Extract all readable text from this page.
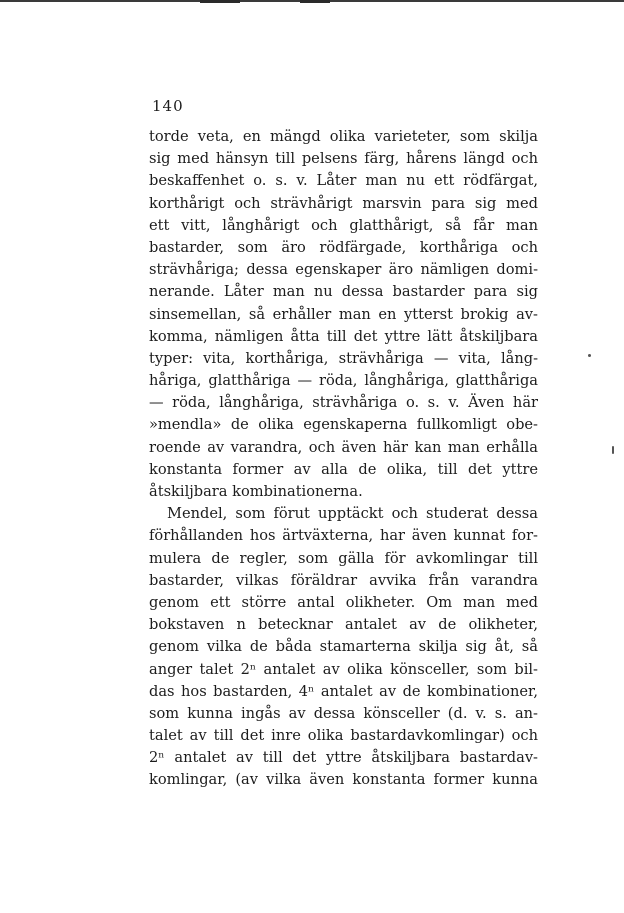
140
torde veta, en mängd olika varieteter, som skilja
sig med hänsyn till pelsens färg, hårens längd och
beskaffenhet o. s. v. Låter man nu ett rödfärgat,
korthårigt och strävhårigt marsvin para sig med
ett vitt, långhårigt och glatthårigt, så får man
bastarder, som äro rödfärgade, korthåriga och
strävhåriga; dessa egenskaper äro nämligen domi-
nerande. Låter man nu dessa bastarder para sig
sinsemellan, så erhåller man en ytterst brokig av-
komma, nämligen åtta till det yttre lätt åtskiljbara
typer: vita, korthåriga, strävhåriga — vita, lång-
håriga, glatthåriga — röda, långhåriga, glatthåriga
— röda, långhåriga, strävhåriga o. s. v. Även här
»mendla» de olika egenskaperna fullkomligt obe-
roende av varandra, och även här kan man erhålla
konstanta former av alla de olika, till det yttre
åtskiljbara kombinationerna.
Mendel, som förut upptäckt och studerat dessa
förhållanden hos ärtväxterna, har även kunnat for-
mulera de regler, som gälla för avkomlingar till
bastarder, vilkas föräldrar avvika från varandra
genom ett större antal olikheter. Om man med
bokstaven n betecknar antalet av de olikheter,
genom vilka de båda stamarterna skilja sig åt, så
anger talet 2ⁿ antalet av olika könsceller, som bil-
das hos bastarden, 4ⁿ antalet av de kombinationer,
som kunna ingås av dessa könsceller (d. v. s. an-
talet av till det inre olika bastardavkomlingar) och
2ⁿ antalet av till det yttre åtskiljbara bastardav-
komlingar, (av vilka även konstanta former kunna
